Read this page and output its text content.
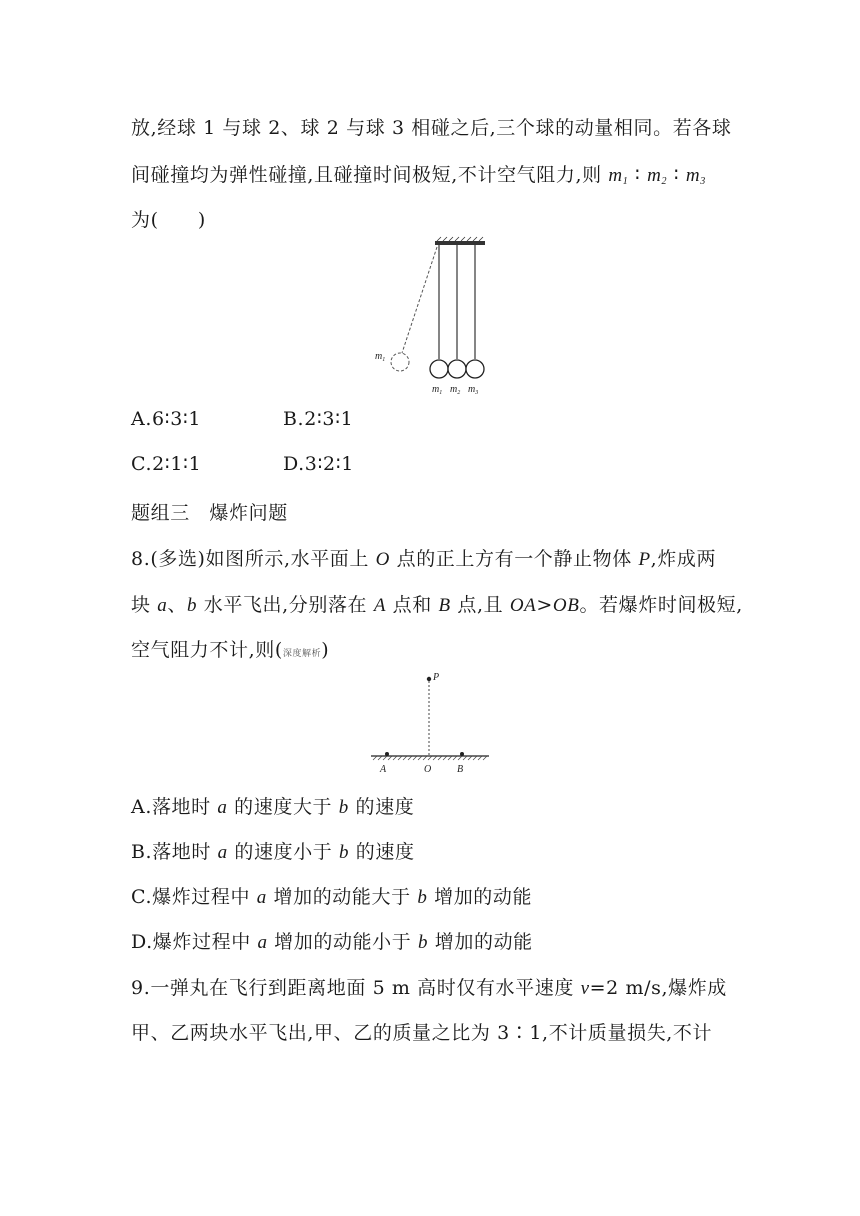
放,经球 1 与球 2、球 2 与球 3 相碰之后,三个球的动量相同。若各球
间碰撞均为弹性碰撞,且碰撞时间极短,不计空气阻力,则 $m_1$ ∶ $m_2$ ∶ $m_3$
为(　　)
$m_1$
$m_1$ $m_2$ $m_3$
A.6∶3∶1	B.2∶3∶1
C.2∶1∶1	D.3∶2∶1
题组三　爆炸问题
8.(多选)如图所示,水平面上 O 点的正上方有一个静止物体 P,炸成两
块 a、b 水平飞出,分别落在 A 点和 B 点,且 OA>OB。若爆炸时间极短,
空气阻力不计,则(深度解析)
P
A	O	B
A.落地时 a 的速度大于 b 的速度
B.落地时 a 的速度小于 b 的速度
C.爆炸过程中 a 增加的动能大于 b 增加的动能
D.爆炸过程中 a 增加的动能小于 b 增加的动能
9.一弹丸在飞行到距离地面 5 m 高时仅有水平速度 v=2 m/s,爆炸成
甲、乙两块水平飞出,甲、乙的质量之比为 3∶1,不计质量损失,不计
